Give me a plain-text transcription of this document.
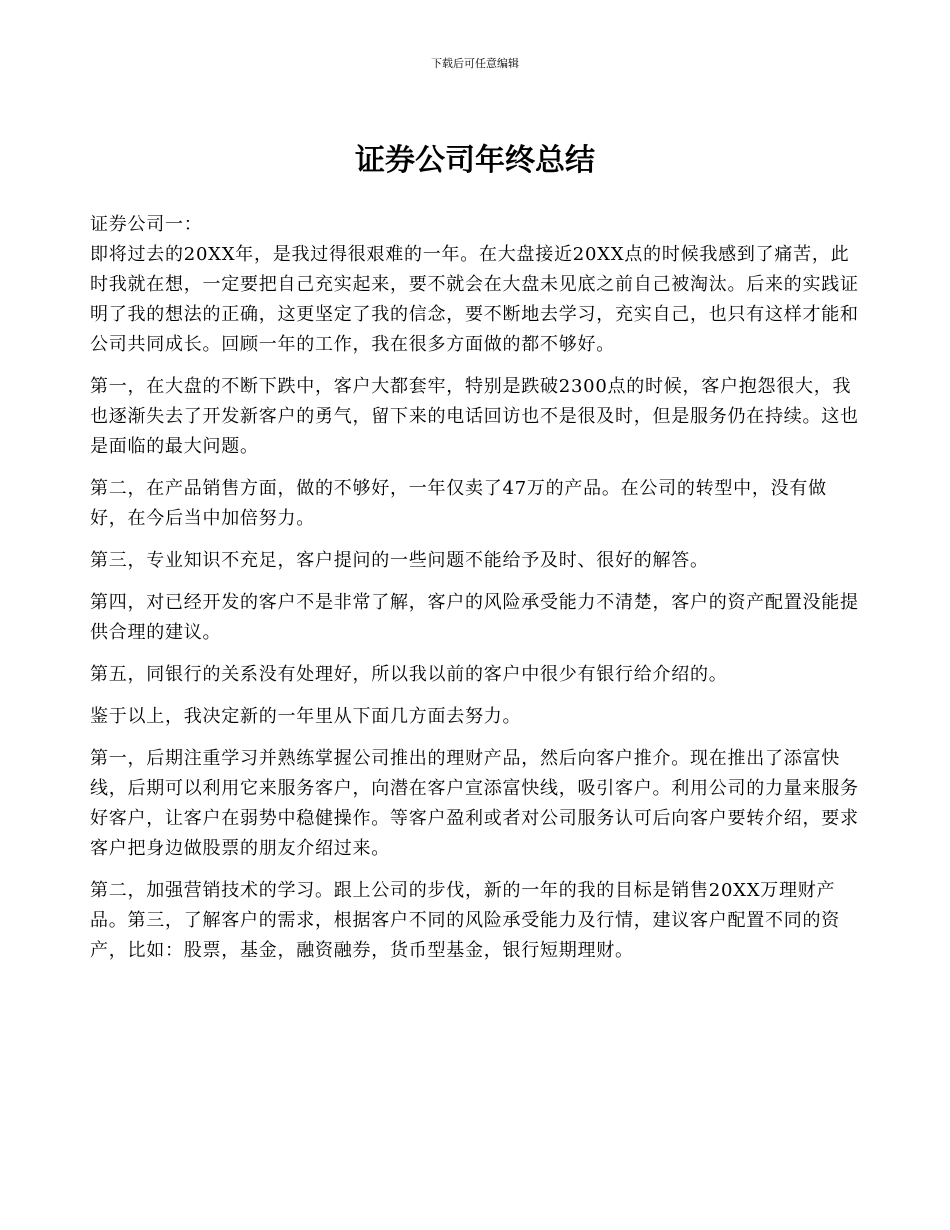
下载后可任意编辑
证券公司年终总结

证券公司一：

即将过去的20XX年，是我过得很艰难的一年。在大盘接近20XX点的时候我感到了痛苦，此时我就在想，一定要把自己充实起来，要不就会在大盘未见底之前自己被淘汰。后来的实践证明了我的想法的正确，这更坚定了我的信念，要不断地去学习，充实自己，也只有这样才能和公司共同成长。回顾一年的工作，我在很多方面做的都不够好。

第一，在大盘的不断下跌中，客户大都套牢，特别是跌破2300点的时候，客户抱怨很大，我也逐渐失去了开发新客户的勇气，留下来的电话回访也不是很及时，但是服务仍在持续。这也是面临的最大问题。

第二，在产品销售方面，做的不够好，一年仅卖了47万的产品。在公司的转型中，没有做好，在今后当中加倍努力。

第三，专业知识不充足，客户提问的一些问题不能给予及时、很好的解答。

第四，对已经开发的客户不是非常了解，客户的风险承受能力不清楚，客户的资产配置没能提供合理的建议。

第五，同银行的关系没有处理好，所以我以前的客户中很少有银行给介绍的。

鉴于以上，我决定新的一年里从下面几方面去努力。

第一，后期注重学习并熟练掌握公司推出的理财产品，然后向客户推介。现在推出了添富快线，后期可以利用它来服务客户，向潜在客户宣添富快线，吸引客户。利用公司的力量来服务好客户，让客户在弱势中稳健操作。等客户盈利或者对公司服务认可后向客户要转介绍，要求客户把身边做股票的朋友介绍过来。

第二，加强营销技术的学习。跟上公司的步伐，新的一年的我的目标是销售20XX万理财产品。第三，了解客户的需求，根据客户不同的风险承受能力及行情，建议客户配置不同的资产，比如：股票，基金，融资融券，货币型基金，银行短期理财。
